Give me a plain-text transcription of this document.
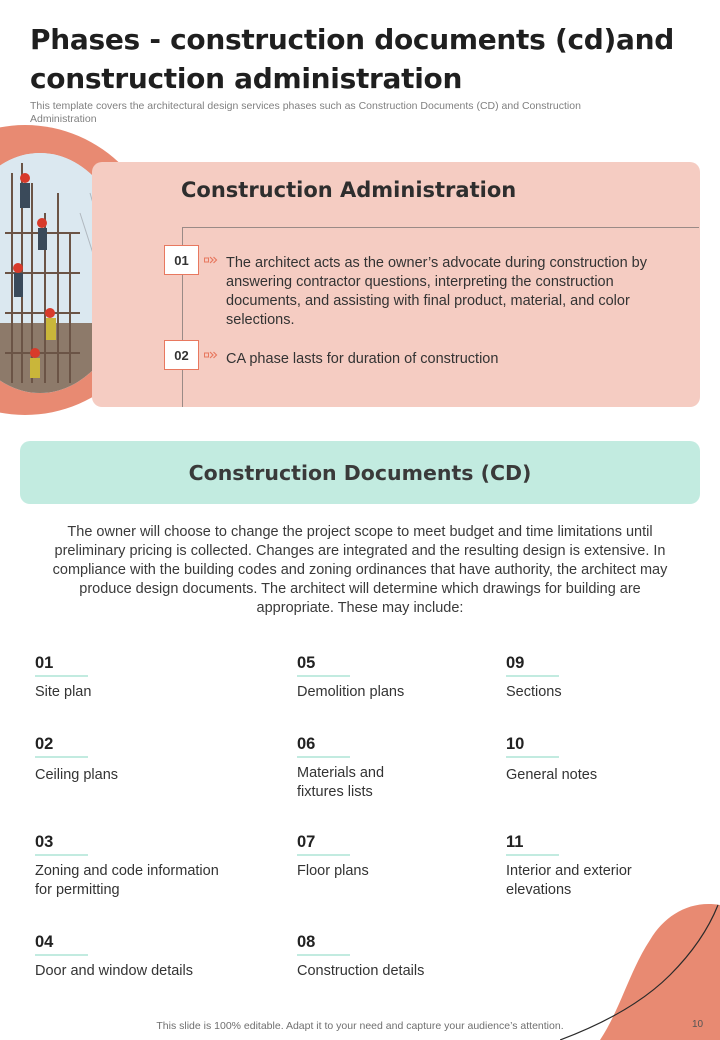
Phases - construction documents (cd)and construction administration
This template covers the architectural design services phases such as Construction Documents (CD) and Construction Administration
Construction Administration
01	The architect acts as the owner’s advocate during construction by answering contractor questions, interpreting the construction documents, and assisting with final product, material, and color selections.
02	CA phase lasts for duration of construction
Construction Documents (CD)
The owner will choose to change the project scope to meet budget and time limitations until preliminary pricing is collected. Changes are integrated and the resulting design is extensive. In compliance with the building codes and zoning ordinances that have authority, the architect may produce design documents. The architect will determine which drawings for building are appropriate. These may include:
01
Site plan
02
Ceiling plans
03
Zoning and code information for permitting
04
Door and window details
05
Demolition plans
06
Materials and fixtures lists
07
Floor plans
08
Construction details
09
Sections
10
General notes
11
Interior and exterior elevations
This slide is 100% editable. Adapt it to your need and capture your audience’s attention.	10
